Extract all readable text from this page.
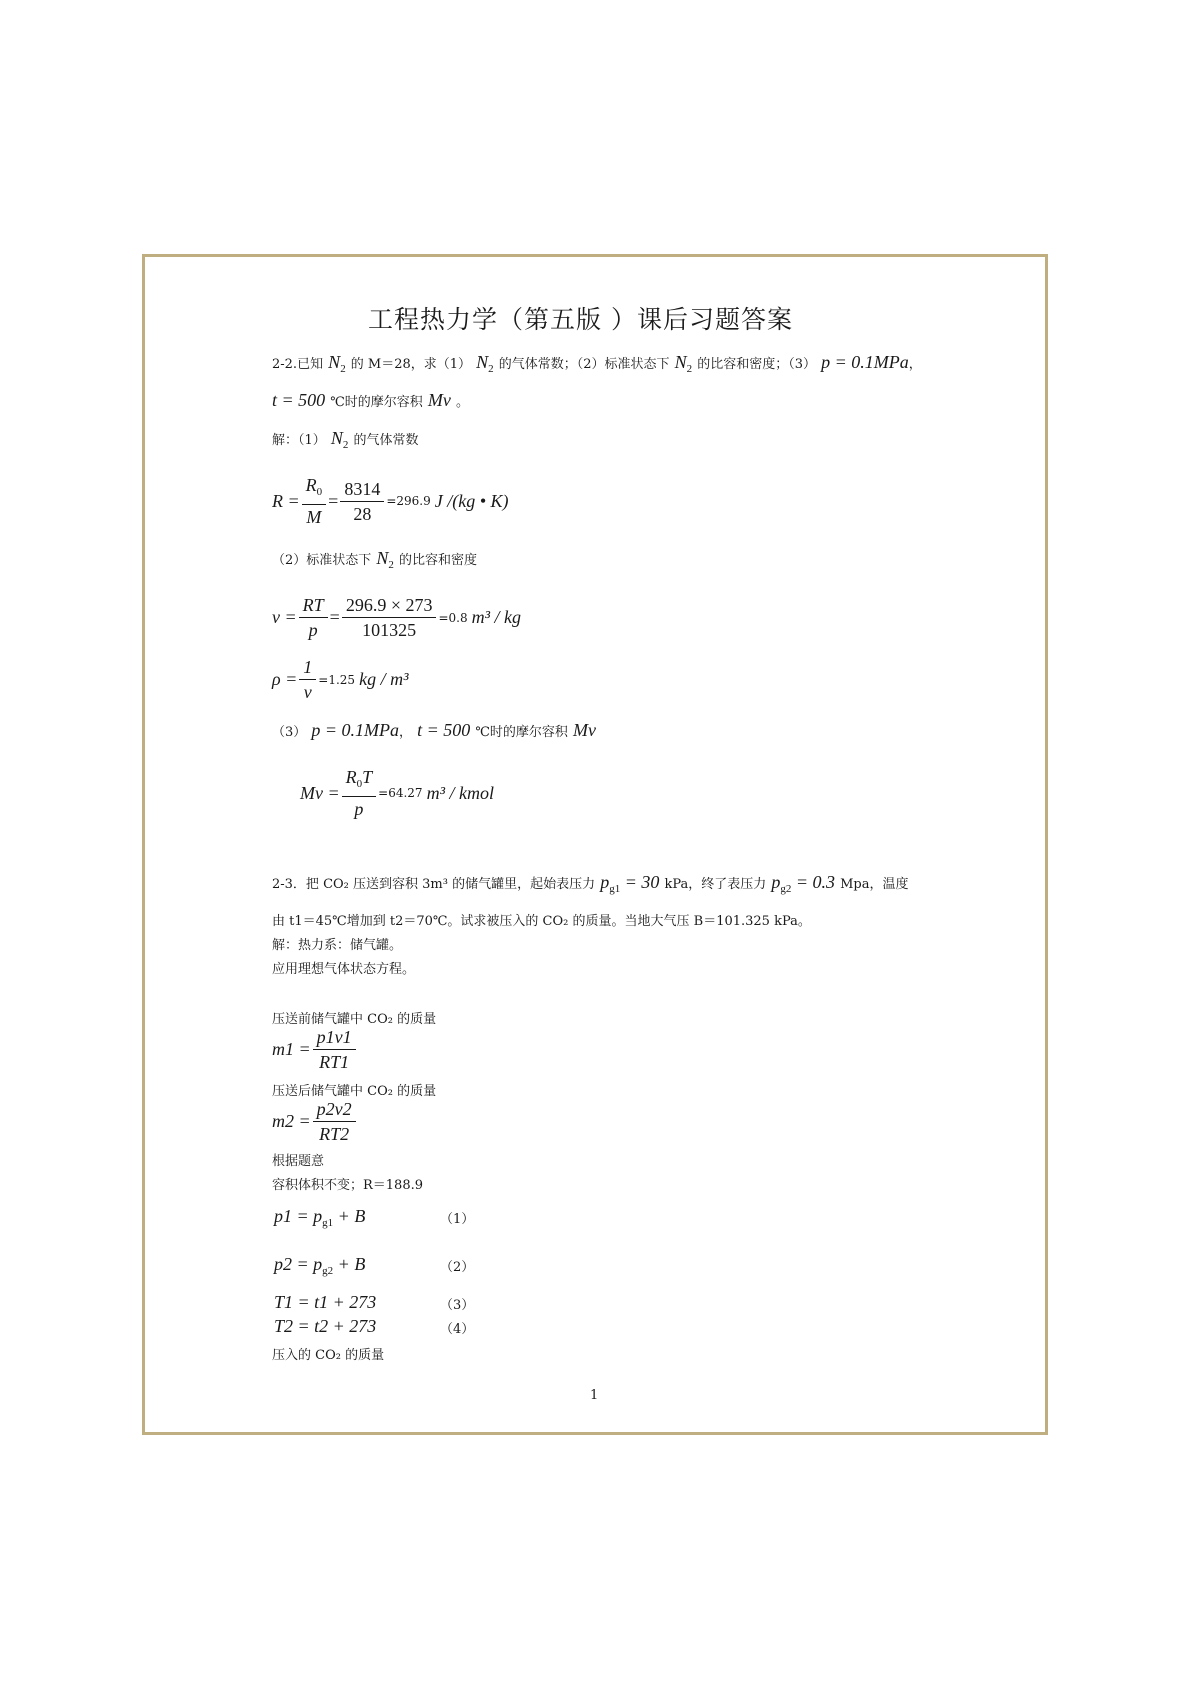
工程热力学（第五版 ）课后习题答案
2-2.已知 $N_2$ 的 M＝28，求（1） $N_2$ 的气体常数；（2）标准状态下 $N_2$ 的比容和密度；（3） p = 0.1MPa，
t = 500 ℃时的摩尔容积 Mv 。
解：（1） $N_2$ 的气体常数
$R = \frac{R_0}{M} = \frac{8314}{28} =296.9$ J /(kg • K)
（2）标准状态下 $N_2$ 的比容和密度
$v = \frac{RT}{p} = \frac{296.9 \times 273}{101325} =0.8$ m³ / kg
$\rho = \frac{1}{v} =1.25$ kg / m³
（3） p = 0.1MPa， t = 500 ℃时的摩尔容积 Mv
$Mv = \frac{R_0T}{p} =64.27$ m³ / kmol
2-3．把 CO₂ 压送到容积 3m³ 的储气罐里，起始表压力 $p_{g1} = 30$ kPa，终了表压力 $p_{g2} = 0.3$ Mpa，温度
由 t1＝45℃增加到 t2＝70℃。试求被压入的 CO₂ 的质量。当地大气压 B＝101.325 kPa。
解：热力系：储气罐。
应用理想气体状态方程。
压送前储气罐中 CO₂ 的质量
$m1 = \frac{p1v1}{RT1}$
压送后储气罐中 CO₂ 的质量
$m2 = \frac{p2v2}{RT2}$
根据题意
容积体积不变；R＝188.9
$p1 = p_{g1} + B$	（1）
$p2 = p_{g2} + B$	（2）
T1 = t1 + 273	（3）
T2 = t2 + 273	（4）
压入的 CO₂ 的质量
1
